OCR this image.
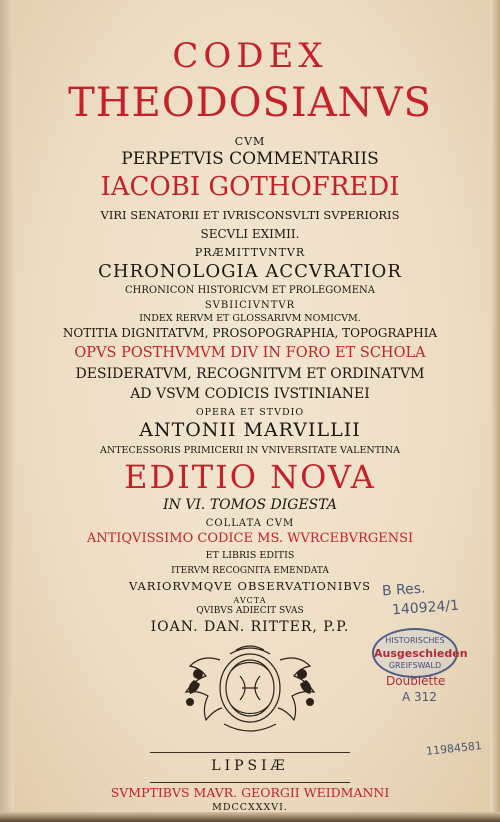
CODEX
THEODOSIANVS
CVM
PERPETVIS COMMENTARIIS
IACOBI GOTHOFREDI
VIRI SENATORII ET IVRISCONSVLTI SVPERIORIS
SECVLI EXIMII.
PRÆMITTVNTVR
CHRONOLOGIA ACCVRATIOR
CHRONICON HISTORICVM ET PROLEGOMENA
SVBIICIVNTVR
INDEX RERVM ET GLOSSARIVM NOMICVM.
NOTITIA DIGNITATVM, PROSOPOGRAPHIA, TOPOGRAPHIA
OPVS POSTHVMVM DIV IN FORO ET SCHOLA
DESIDERATVM, RECOGNITVM ET ORDINATVM
AD VSVM CODICIS IVSTINIANEI
OPERA ET STVDIO
ANTONII MARVILLII
ANTECESSORIS PRIMICERII IN VNIVERSITATE VALENTINA
EDITIO NOVA
IN VI. TOMOS DIGESTA
COLLATA CVM
ANTIQVISSIMO CODICE MS. WVRCEBVRGENSI
ET LIBRIS EDITIS
ITERVM RECOGNITA EMENDATA
VARIORVMQVE OBSERVATIONIBVS
AVCTA
QVIBVS ADIECIT SVAS
IOAN. DAN. RITTER, P.P.
LIPSIÆ
SVMPTIBVS MAVR. GEORGII WEIDMANNI
MDCCXXXVI.
B Res.
140924/1
HISTORISCHES
Ausgeschieden
GREIFSWALD
Doublette
A 312
11984581
